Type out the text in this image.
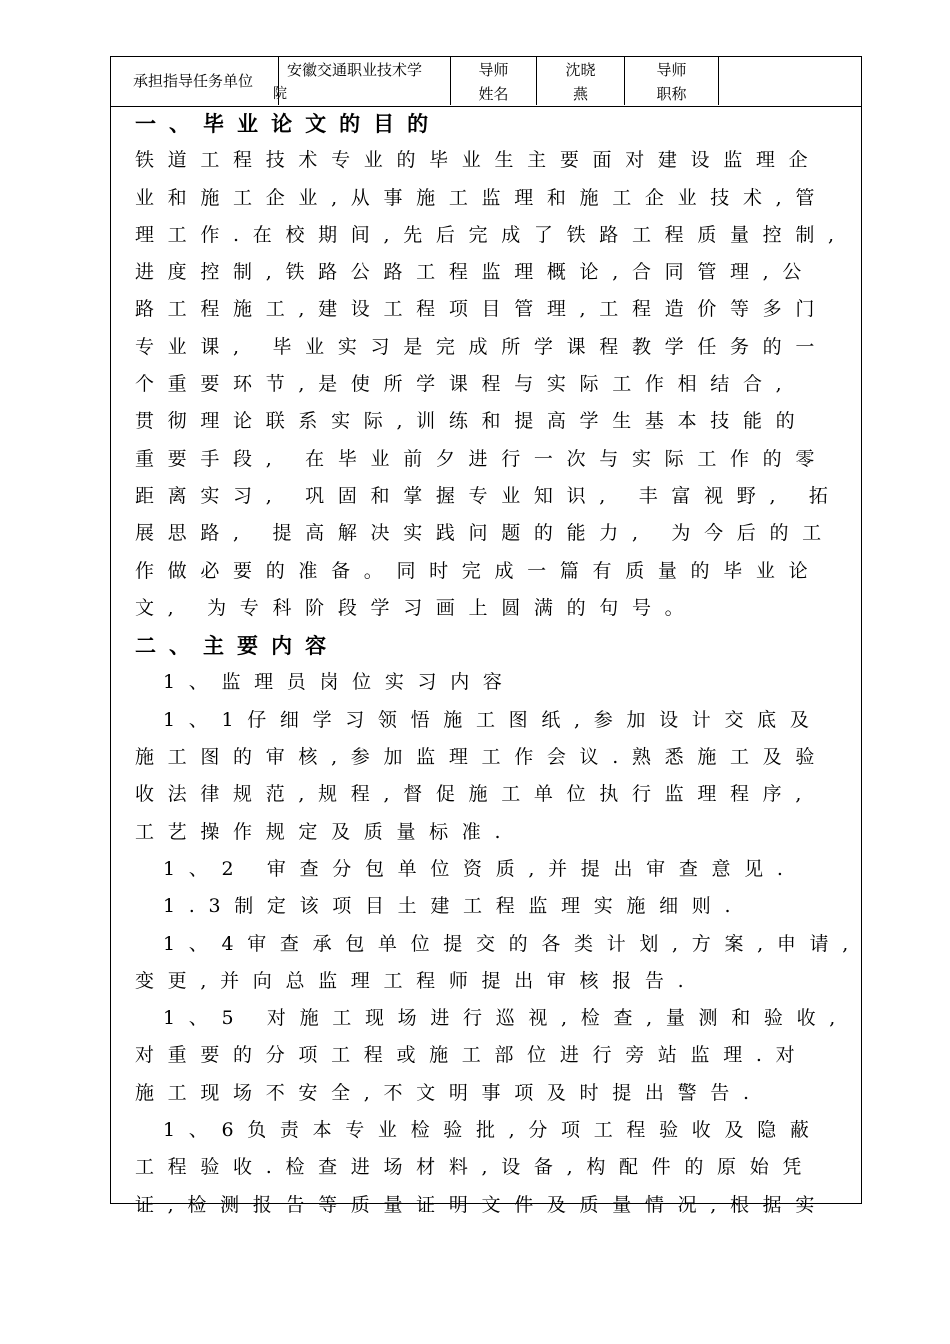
承担指导任务单位
安徽交通职业技术学
院
导师
姓名
沈晓
燕
导师
职称
一、毕业论文的目的
铁道工程技术专业的毕业生主要面对建设监理企
业和施工企业,从事施工监理和施工企业技术,管
理工作.在校期间,先后完成了铁路工程质量控制,
进度控制,铁路公路工程监理概论,合同管理,公
路工程施工,建设工程项目管理,工程造价等多门
专业课, 毕业实习是完成所学课程教学任务的一
个重要环节,是使所学课程与实际工作相结合,
贯彻理论联系实际,训练和提高学生基本技能的
重要手段, 在毕业前夕进行一次与实际工作的零
距离实习, 巩固和掌握专业知识, 丰富视野, 拓
展思路, 提高解决实践问题的能力, 为今后的工
作做必要的准备。同时完成一篇有质量的毕业论
文, 为专科阶段学习画上圆满的句号。
二、主要内容
1、监理员岗位实习内容
1、1仔细学习领悟施工图纸,参加设计交底及
施工图的审核,参加监理工作会议.熟悉施工及验
收法律规范,规程,督促施工单位执行监理程序,
工艺操作规定及质量标准.
1、2 审查分包单位资质,并提出审查意见.
1.3制定该项目土建工程监理实施细则.
1、4审查承包单位提交的各类计划,方案,申请,
变更,并向总监理工程师提出审核报告.
1、5 对施工现场进行巡视,检查,量测和验收,
对重要的分项工程或施工部位进行旁站监理.对
施工现场不安全,不文明事项及时提出警告.
1、6负责本专业检验批,分项工程验收及隐蔽
工程验收.检查进场材料,设备,构配件的原始凭
证,检测报告等质量证明文件及质量情况,根据实
